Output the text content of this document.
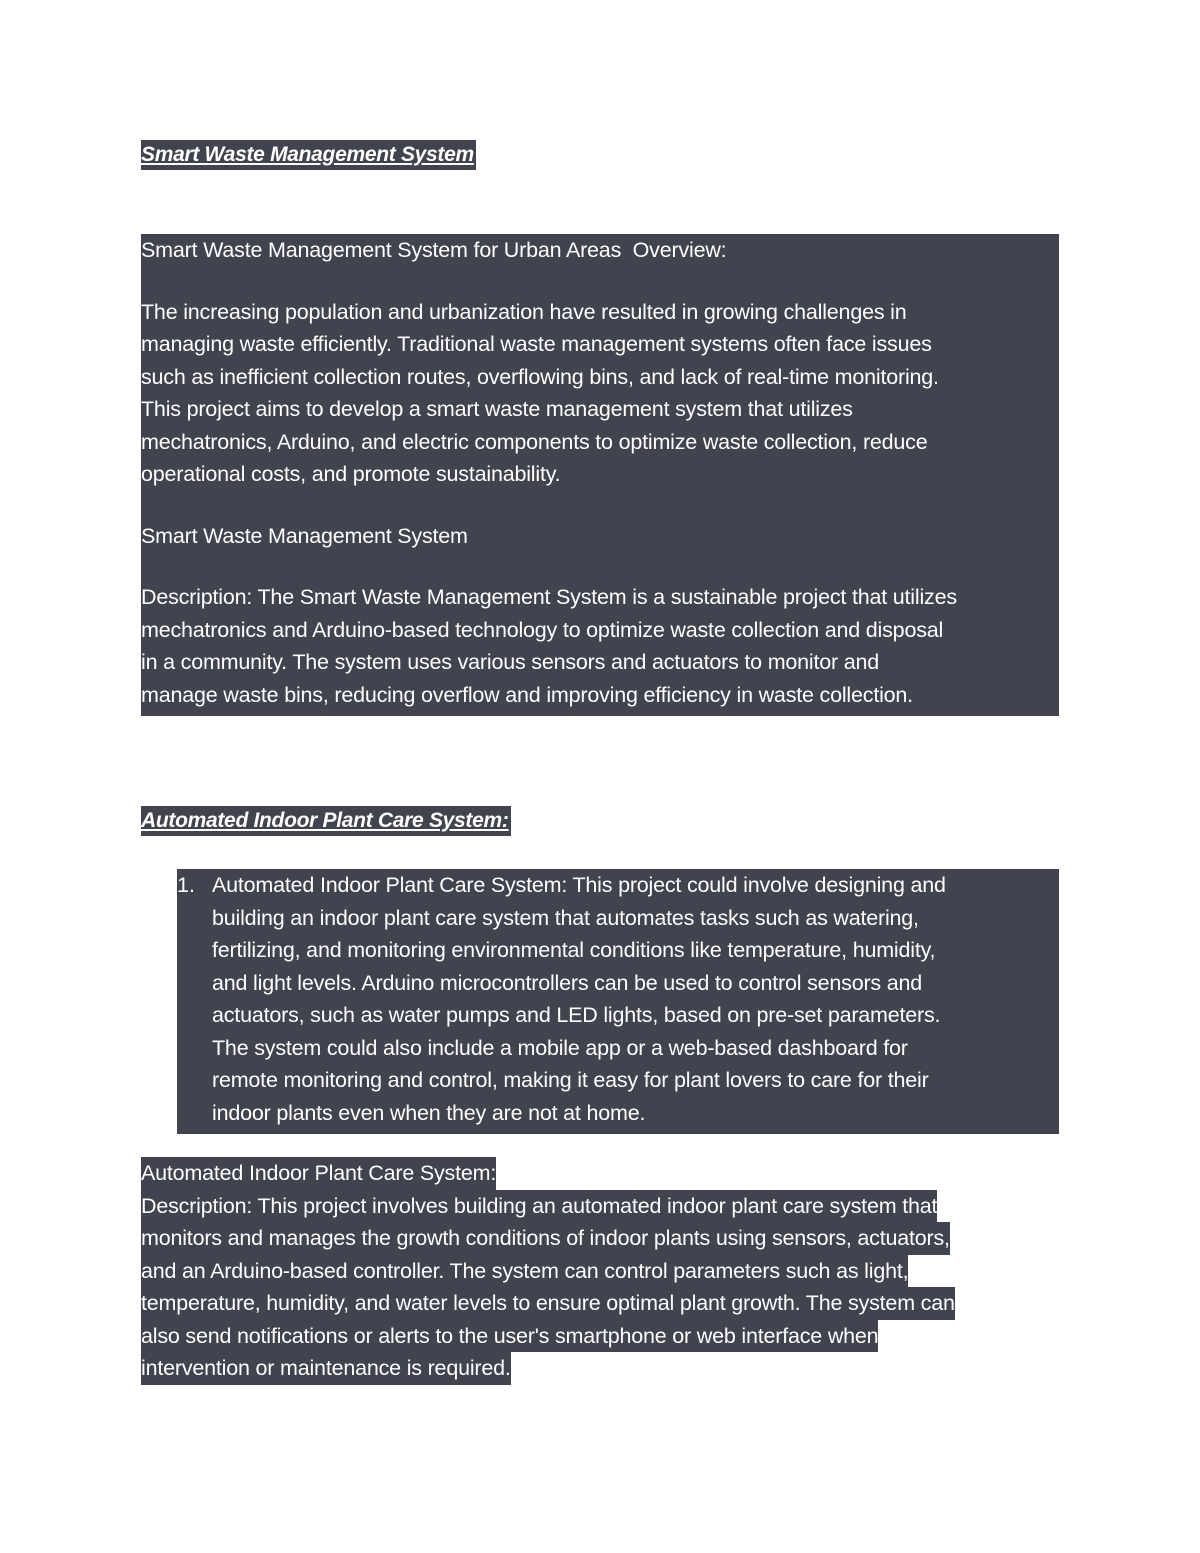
Smart Waste Management System

Smart Waste Management System for Urban Areas  Overview:

The increasing population and urbanization have resulted in growing challenges in

managing waste efficiently. Traditional waste management systems often face issues

such as inefficient collection routes, overflowing bins, and lack of real-time monitoring.

This project aims to develop a smart waste management system that utilizes

mechatronics, Arduino, and electric components to optimize waste collection, reduce

operational costs, and promote sustainability.

Smart Waste Management System

Description: The Smart Waste Management System is a sustainable project that utilizes

mechatronics and Arduino-based technology to optimize waste collection and disposal

in a community. The system uses various sensors and actuators to monitor and

manage waste bins, reducing overflow and improving efficiency in waste collection.

Automated Indoor Plant Care System:
1. Automated Indoor Plant Care System: This project could involve designing and

building an indoor plant care system that automates tasks such as watering,

fertilizing, and monitoring environmental conditions like temperature, humidity,

and light levels. Arduino microcontrollers can be used to control sensors and

actuators, such as water pumps and LED lights, based on pre-set parameters.

The system could also include a mobile app or a web-based dashboard for

remote monitoring and control, making it easy for plant lovers to care for their

indoor plants even when they are not at home.

Automated Indoor Plant Care System:
Description: This project involves building an automated indoor plant care system that
monitors and manages the growth conditions of indoor plants using sensors, actuators,
and an Arduino-based controller. The system can control parameters such as light,
temperature, humidity, and water levels to ensure optimal plant growth. The system can
also send notifications or alerts to the user's smartphone or web interface when
intervention or maintenance is required.
